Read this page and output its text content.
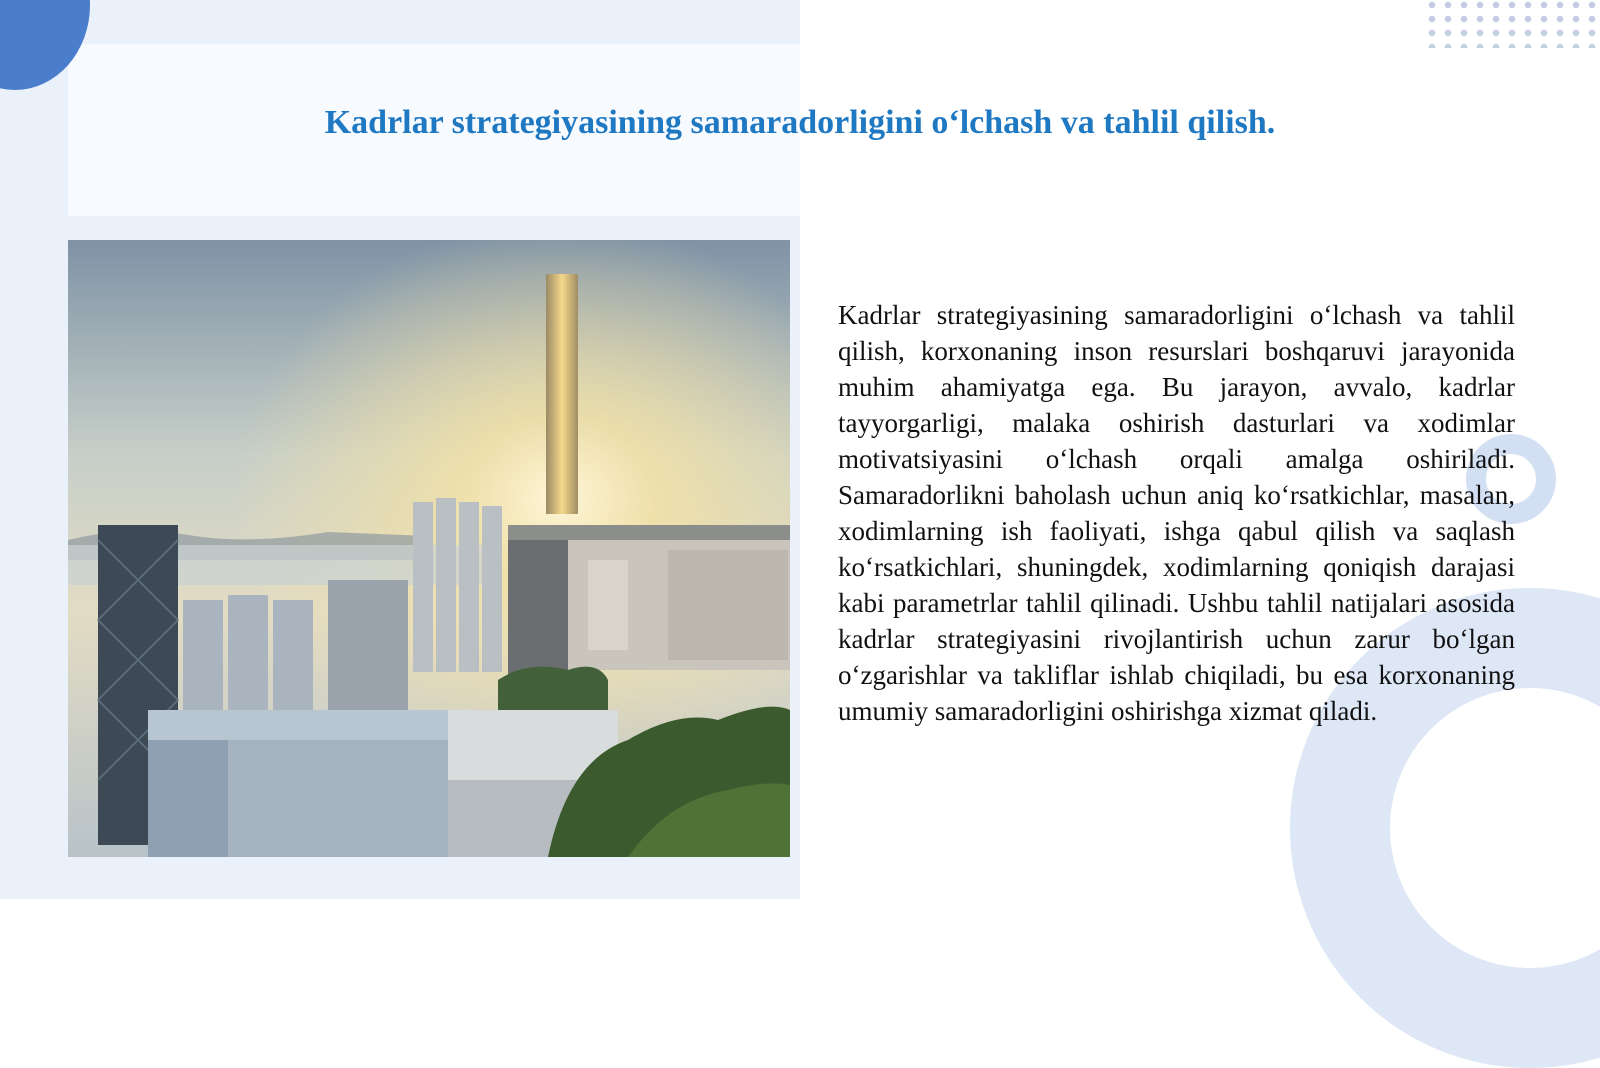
Kadrlar strategiyasining samaradorligini o‘lchash va tahlil qilish.

Kadrlar strategiyasining samaradorligini o‘lchash va tahlil qilish, korxonaning inson resurslari boshqaruvi jarayonida muhim ahamiyatga ega. Bu jarayon, avvalo, kadrlar tayyorgarligi, malaka oshirish dasturlari va xodimlar motivatsiyasini o‘lchash orqali amalga oshiriladi. Samaradorlikni baholash uchun aniq ko‘rsatkichlar, masalan, xodimlarning ish faoliyati, ishga qabul qilish va saqlash ko‘rsatkichlari, shuningdek, xodimlarning qoniqish darajasi kabi parametrlar tahlil qilinadi. Ushbu tahlil natijalari asosida kadrlar strategiyasini rivojlantirish uchun zarur bo‘lgan o‘zgarishlar va takliflar ishlab chiqiladi, bu esa korxonaning umumiy samaradorligini oshirishga xizmat qiladi.
